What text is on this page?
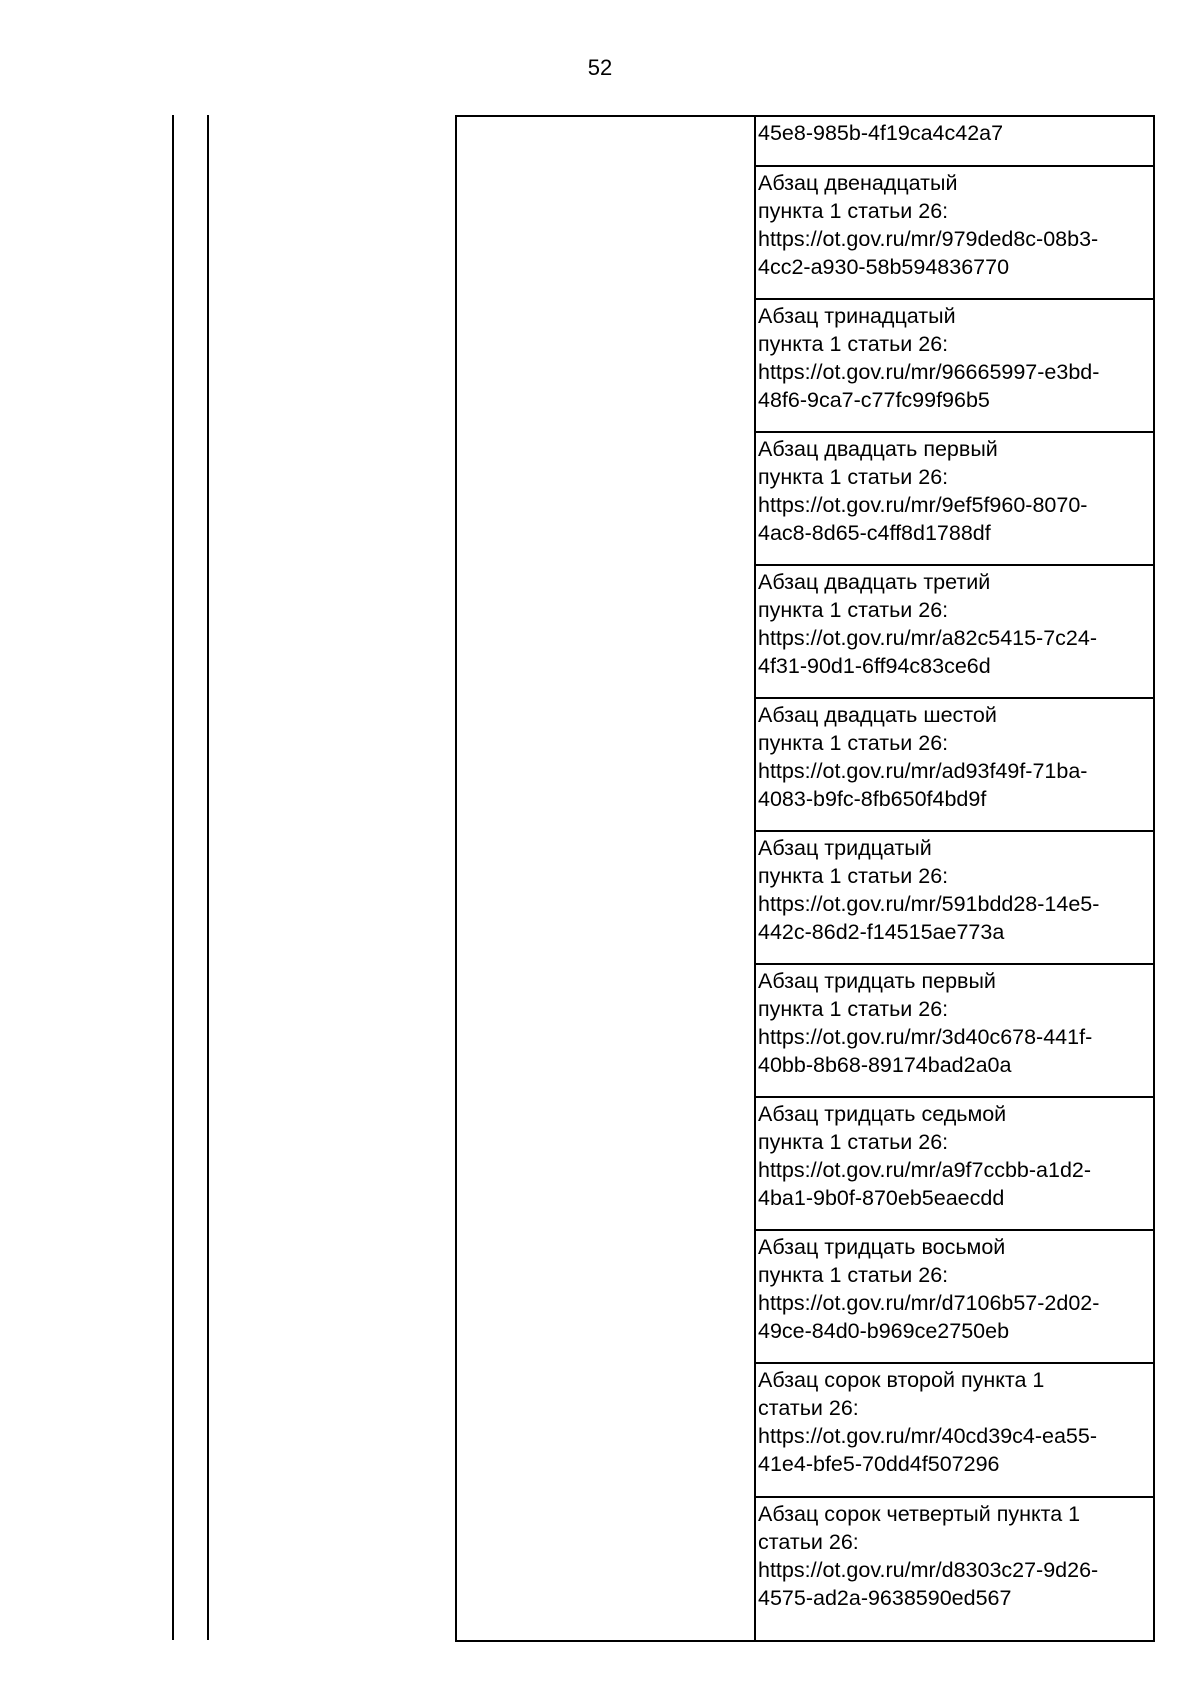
52
45e8-985b-4f19ca4c42a7
Абзац двенадцатый
пункта 1 статьи 26:
https://ot.gov.ru/mr/979ded8c-08b3-
4cc2-a930-58b594836770
Абзац тринадцатый
пункта 1 статьи 26:
https://ot.gov.ru/mr/96665997-e3bd-
48f6-9ca7-c77fc99f96b5
Абзац двадцать первый
пункта 1 статьи 26:
https://ot.gov.ru/mr/9ef5f960-8070-
4ac8-8d65-c4ff8d1788df
Абзац двадцать третий
пункта 1 статьи 26:
https://ot.gov.ru/mr/a82c5415-7c24-
4f31-90d1-6ff94c83ce6d
Абзац двадцать шестой
пункта 1 статьи 26:
https://ot.gov.ru/mr/ad93f49f-71ba-
4083-b9fc-8fb650f4bd9f
Абзац тридцатый
пункта 1 статьи 26:
https://ot.gov.ru/mr/591bdd28-14e5-
442c-86d2-f14515ae773a
Абзац тридцать первый
пункта 1 статьи 26:
https://ot.gov.ru/mr/3d40c678-441f-
40bb-8b68-89174bad2a0a
Абзац тридцать седьмой
пункта 1 статьи 26:
https://ot.gov.ru/mr/a9f7ccbb-a1d2-
4ba1-9b0f-870eb5eaecdd
Абзац тридцать восьмой
пункта 1 статьи 26:
https://ot.gov.ru/mr/d7106b57-2d02-
49ce-84d0-b969ce2750eb
Абзац сорок второй пункта 1
статьи 26:
https://ot.gov.ru/mr/40cd39c4-ea55-
41e4-bfe5-70dd4f507296
Абзац сорок четвертый пункта 1
статьи 26:
https://ot.gov.ru/mr/d8303c27-9d26-
4575-ad2a-9638590ed567
